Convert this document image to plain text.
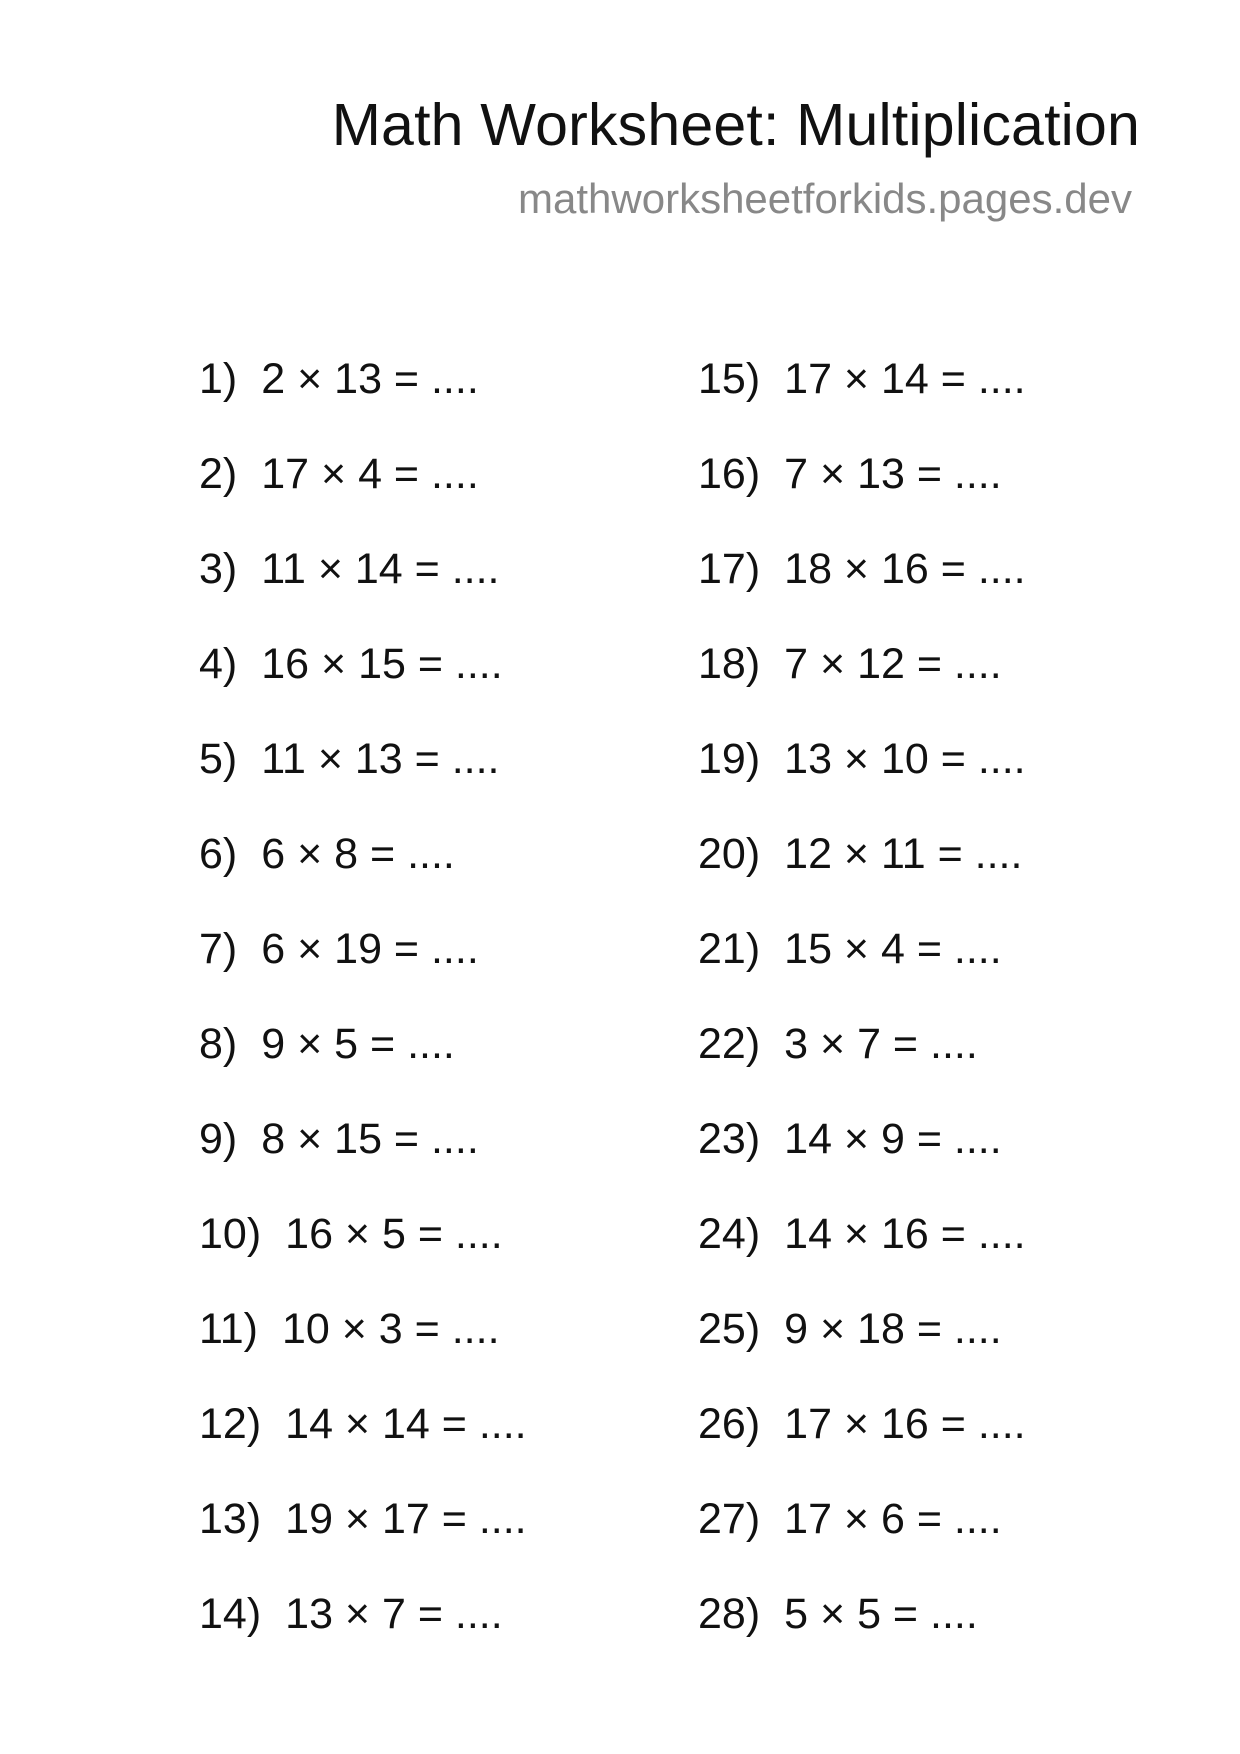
Math Worksheet: Multiplication
mathworksheetforkids.pages.dev
1) 2 × 13 = ....
2) 17 × 4 = ....
3) 11 × 14 = ....
4) 16 × 15 = ....
5) 11 × 13 = ....
6) 6 × 8 = ....
7) 6 × 19 = ....
8) 9 × 5 = ....
9) 8 × 15 = ....
10) 16 × 5 = ....
11) 10 × 3 = ....
12) 14 × 14 = ....
13) 19 × 17 = ....
14) 13 × 7 = ....
15) 17 × 14 = ....
16) 7 × 13 = ....
17) 18 × 16 = ....
18) 7 × 12 = ....
19) 13 × 10 = ....
20) 12 × 11 = ....
21) 15 × 4 = ....
22) 3 × 7 = ....
23) 14 × 9 = ....
24) 14 × 16 = ....
25) 9 × 18 = ....
26) 17 × 16 = ....
27) 17 × 6 = ....
28) 5 × 5 = ....
